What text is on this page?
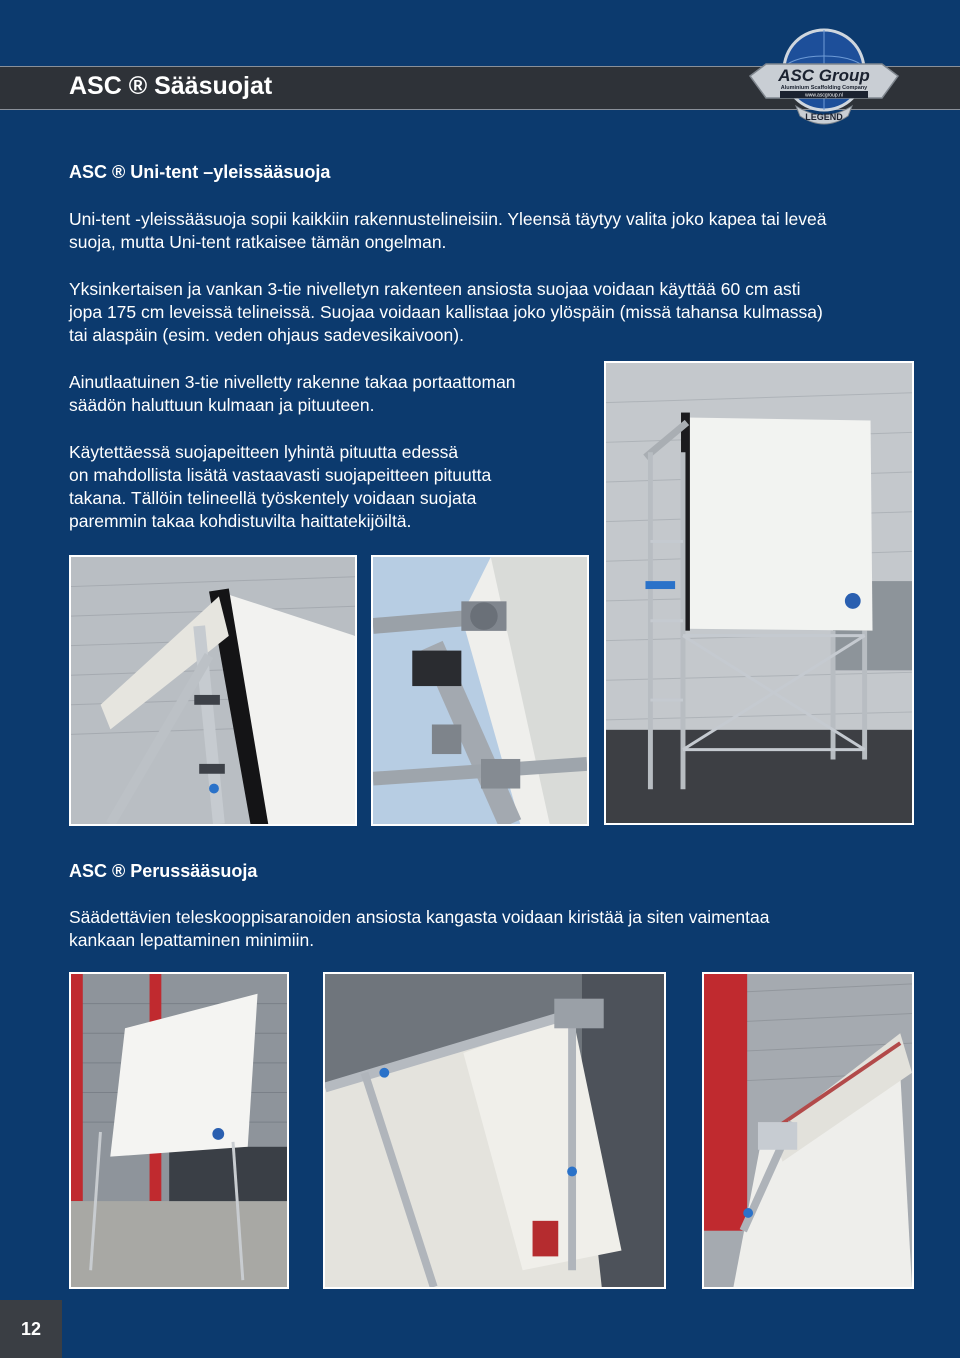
ASC ® Sääsuojat	ASC Group
Aluminium Scaffolding Company
www.ascgroup.nl
LEGEND
ASC ® Uni-tent –yleissääsuoja

Uni-tent -yleissääsuoja sopii kaikkiin rakennustelineisiin. Yleensä täytyy valita joko kapea tai leveä
suoja, mutta Uni-tent ratkaisee tämän ongelman.

Yksinkertaisen ja vankan 3-tie nivelletyn rakenteen ansiosta suojaa voidaan käyttää 60 cm asti
jopa 175 cm leveissä telineissä. Suojaa voidaan kallistaa joko ylöspäin (missä tahansa kulmassa)
tai alaspäin (esim. veden ohjaus sadevesikaivoon).

Ainutlaatuinen 3-tie nivelletty rakenne takaa portaattoman
säädön haluttuun kulmaan ja pituuteen.

Käytettäessä suojapeitteen lyhintä pituutta edessä
on mahdollista lisätä vastaavasti suojapeitteen pituutta
takana. Tällöin telineellä työskentely voidaan suojata
paremmin takaa kohdistuvilta haittatekijöiltä.

ASC ® Perussääsuoja

Säädettävien teleskooppisaranoiden ansiosta kangasta voidaan kiristää ja siten vaimentaa
kankaan lepattaminen minimiin.

12
